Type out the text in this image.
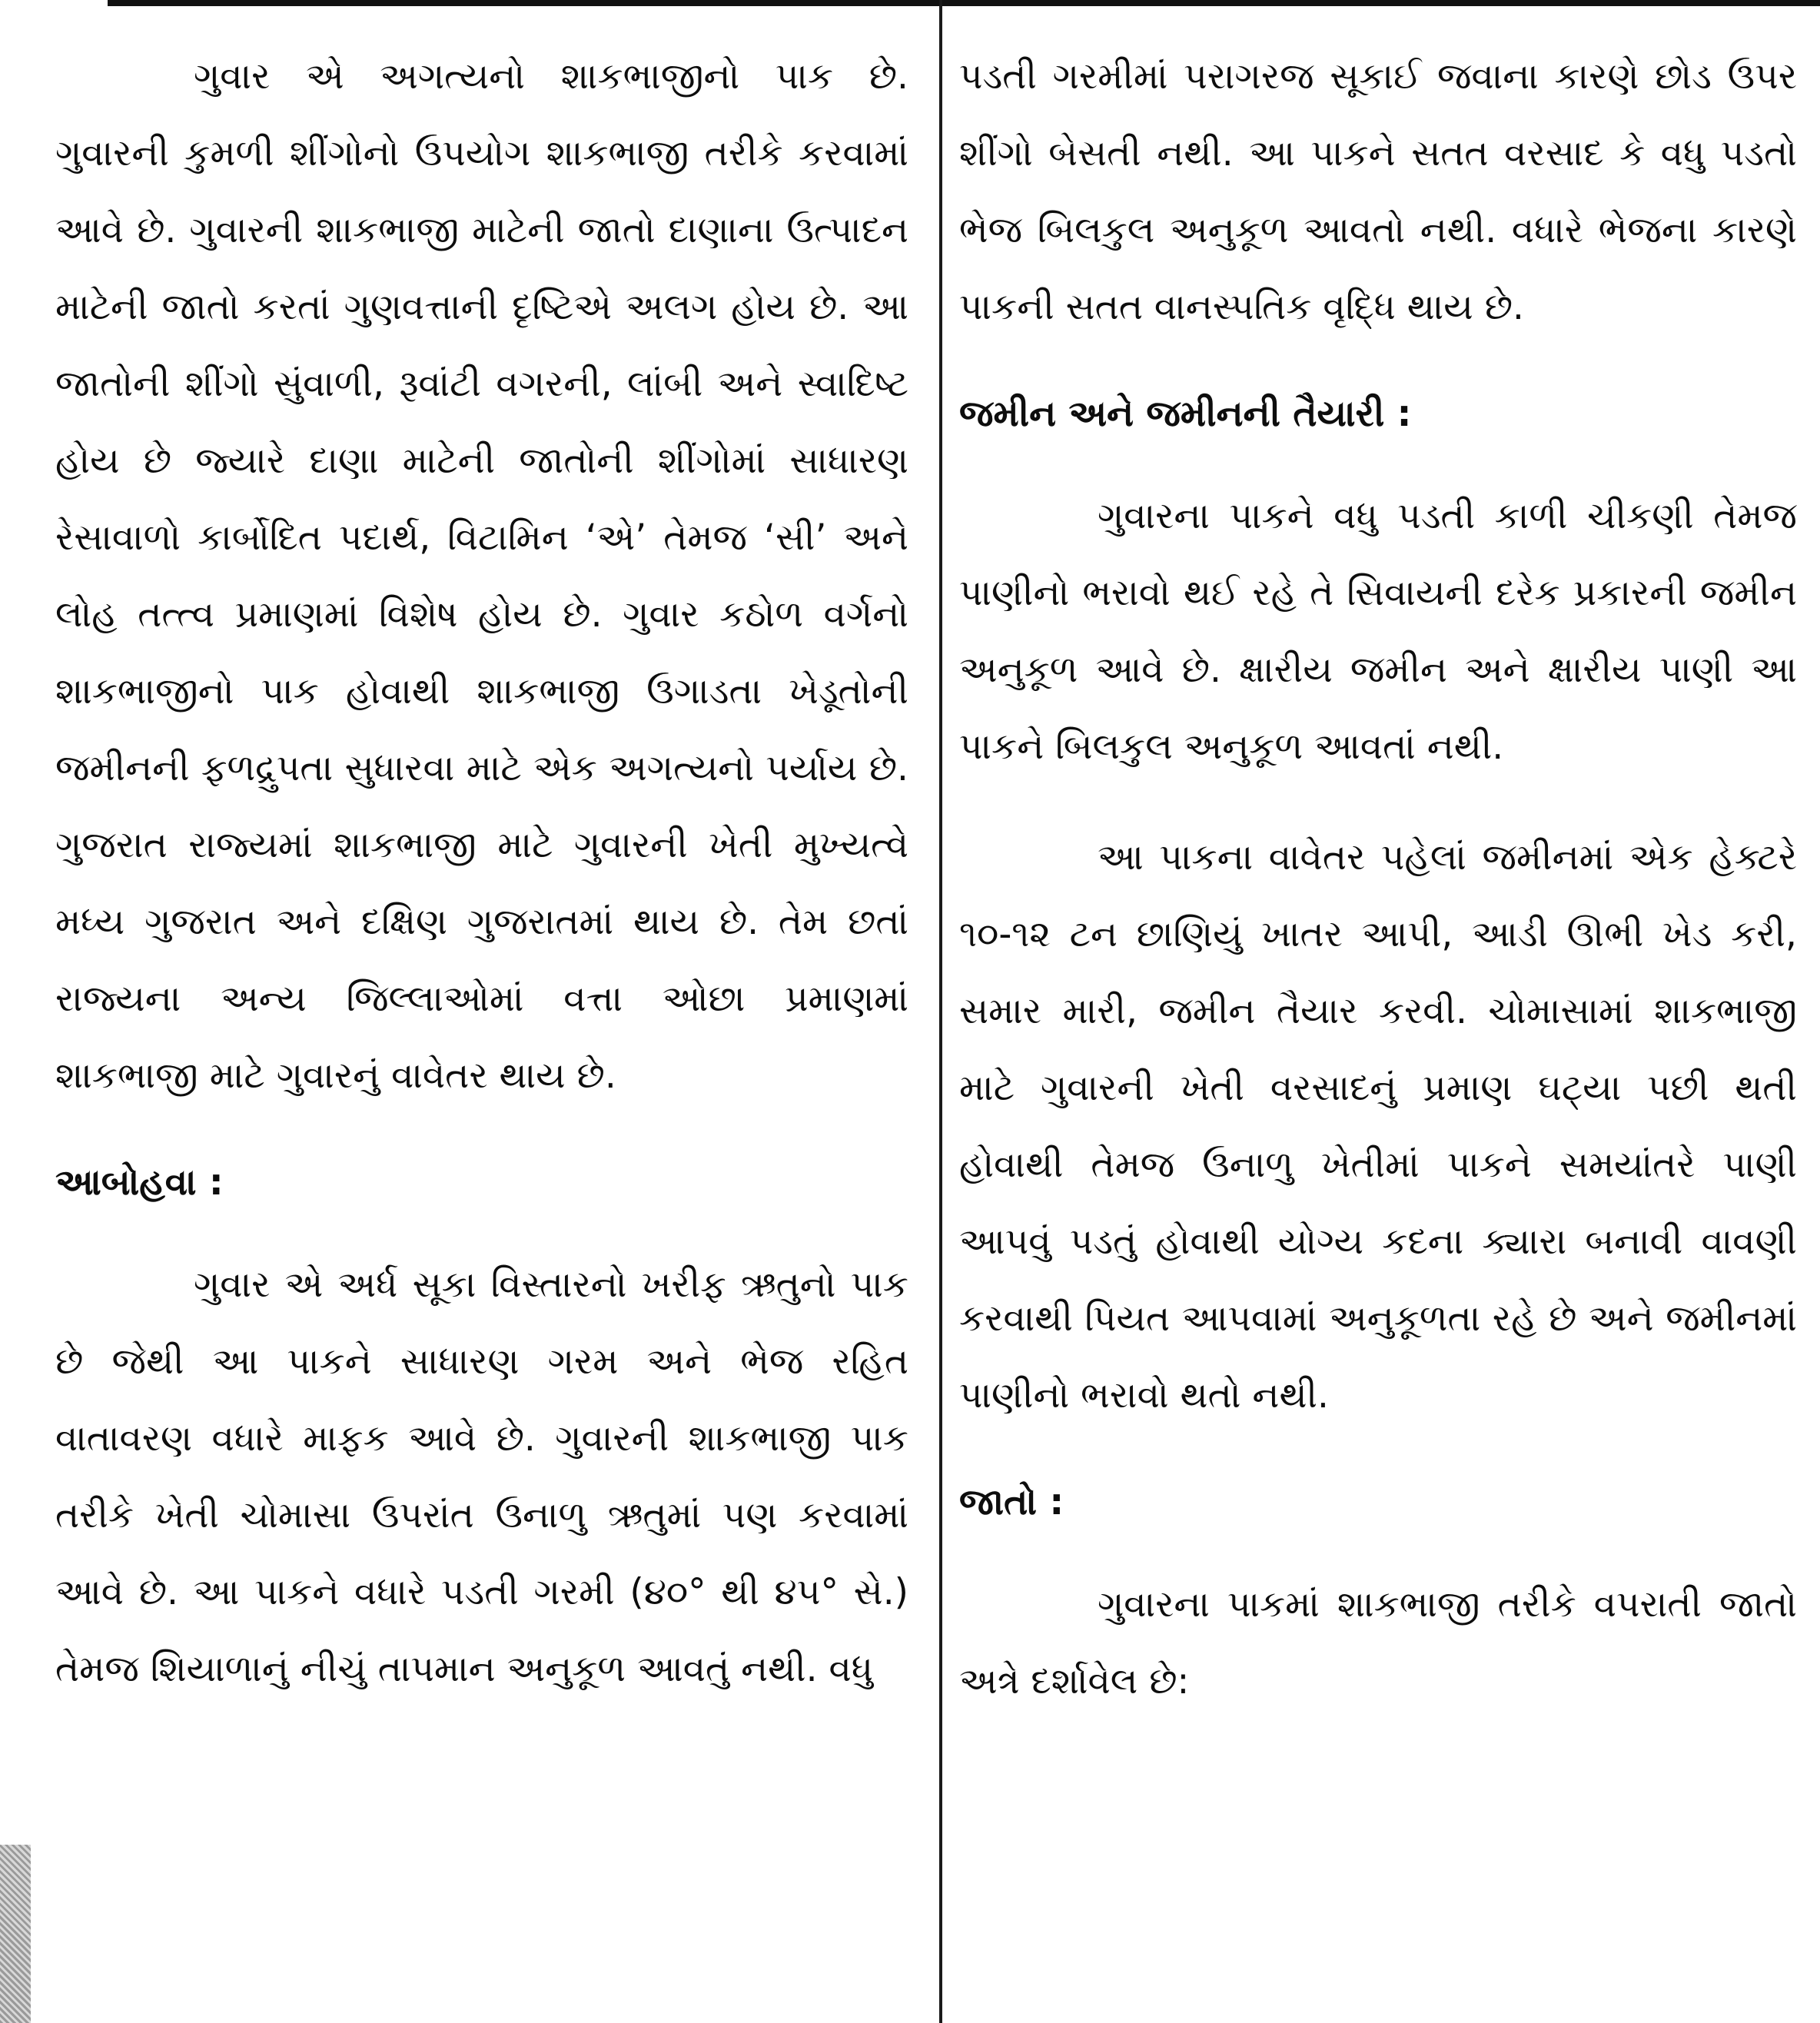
ગુવાર એ અગત્યનો શાકભાજીનો પાક છે. ગુવારની કુમળી શીંગોનો ઉપયોગ શાકભાજી તરીકે કરવામાં આવે છે. ગુવારની શાકભાજી માટેની જાતો દાણાના ઉત્પાદન માટેની જાતો કરતાં ગુણવત્તાની દૃષ્ટિએ અલગ હોય છે. આ જાતોની શીંગો સુંવાળી, રૂવાંટી વગરની, લાંબી અને સ્વાદિષ્ટ હોય છે જ્યારે દાણા માટેની જાતોની શીંગોમાં સાધારણ રેસાવાળો કાર્બોદિત પદાર્થ, વિટામિન ‘એ’ તેમજ ‘સી’ અને લોહ તત્ત્વ પ્રમાણમાં વિશેષ હોય છે. ગુવાર કઠોળ વર્ગનો શાકભાજીનો પાક હોવાથી શાકભાજી ઉગાડતા ખેડૂતોની જમીનની ફળદ્રુપતા સુધારવા માટે એક અગત્યનો પર્યાય છે. ગુજરાત રાજ્યમાં શાકભાજી માટે ગુવારની ખેતી મુખ્યત્વે મધ્ય ગુજરાત અને દક્ષિણ ગુજરાતમાં થાય છે. તેમ છતાં રાજ્યના અન્ય જિલ્લાઓમાં વત્તા ઓછા પ્રમાણમાં શાકભાજી માટે ગુવારનું વાવેતર થાય છે.

આબોહવા :

ગુવાર એ અર્ધ સૂકા વિસ્તારનો ખરીફ ઋતુનો પાક છે જેથી આ પાકને સાધારણ ગરમ અને ભેજ રહિત વાતાવરણ વધારે માફક આવે છે. ગુવારની શાકભાજી પાક તરીકે ખેતી ચોમાસા ઉપરાંત ઉનાળુ ઋતુમાં પણ કરવામાં આવે છે. આ પાકને વધારે પડતી ગરમી (૪૦° થી ૪૫° સે.) તેમજ શિયાળાનું નીચું તાપમાન અનુકૂળ આવતું નથી. વધુ

પડતી ગરમીમાં પરાગરજ સૂકાઈ જવાના કારણે છોડ ઉપર શીંગો બેસતી નથી. આ પાકને સતત વરસાદ કે વધુ પડતો ભેજ બિલકુલ અનુકૂળ આવતો નથી. વધારે ભેજના કારણે પાકની સતત વાનસ્પતિક વૃદ્ધિ થાય છે.

જમીન અને જમીનની તૈયારી :

ગુવારના પાકને વધુ પડતી કાળી ચીકણી તેમજ પાણીનો ભરાવો થઈ રહે તે સિવાયની દરેક પ્રકારની જમીન અનુકૂળ આવે છે. ક્ષારીય જમીન અને ક્ષારીય પાણી આ પાકને બિલકુલ અનુકૂળ આવતાં નથી.

આ પાકના વાવેતર પહેલાં જમીનમાં એક હેક્ટરે ૧૦-૧૨ ટન છાણિયું ખાતર આપી, આડી ઊભી ખેડ કરી, સમાર મારી, જમીન તૈયાર કરવી. ચોમાસામાં શાકભાજી માટે ગુવારની ખેતી વરસાદનું પ્રમાણ ઘટ્યા પછી થતી હોવાથી તેમજ ઉનાળુ ખેતીમાં પાકને સમયાંતરે પાણી આપવું પડતું હોવાથી યોગ્ય કદના ક્યારા બનાવી વાવણી કરવાથી પિયત આપવામાં અનુકૂળતા રહે છે અને જમીનમાં પાણીનો ભરાવો થતો નથી.

જાતો :

ગુવારના પાકમાં શાકભાજી તરીકે વપરાતી જાતો અત્રે દર્શાવેલ છે:
